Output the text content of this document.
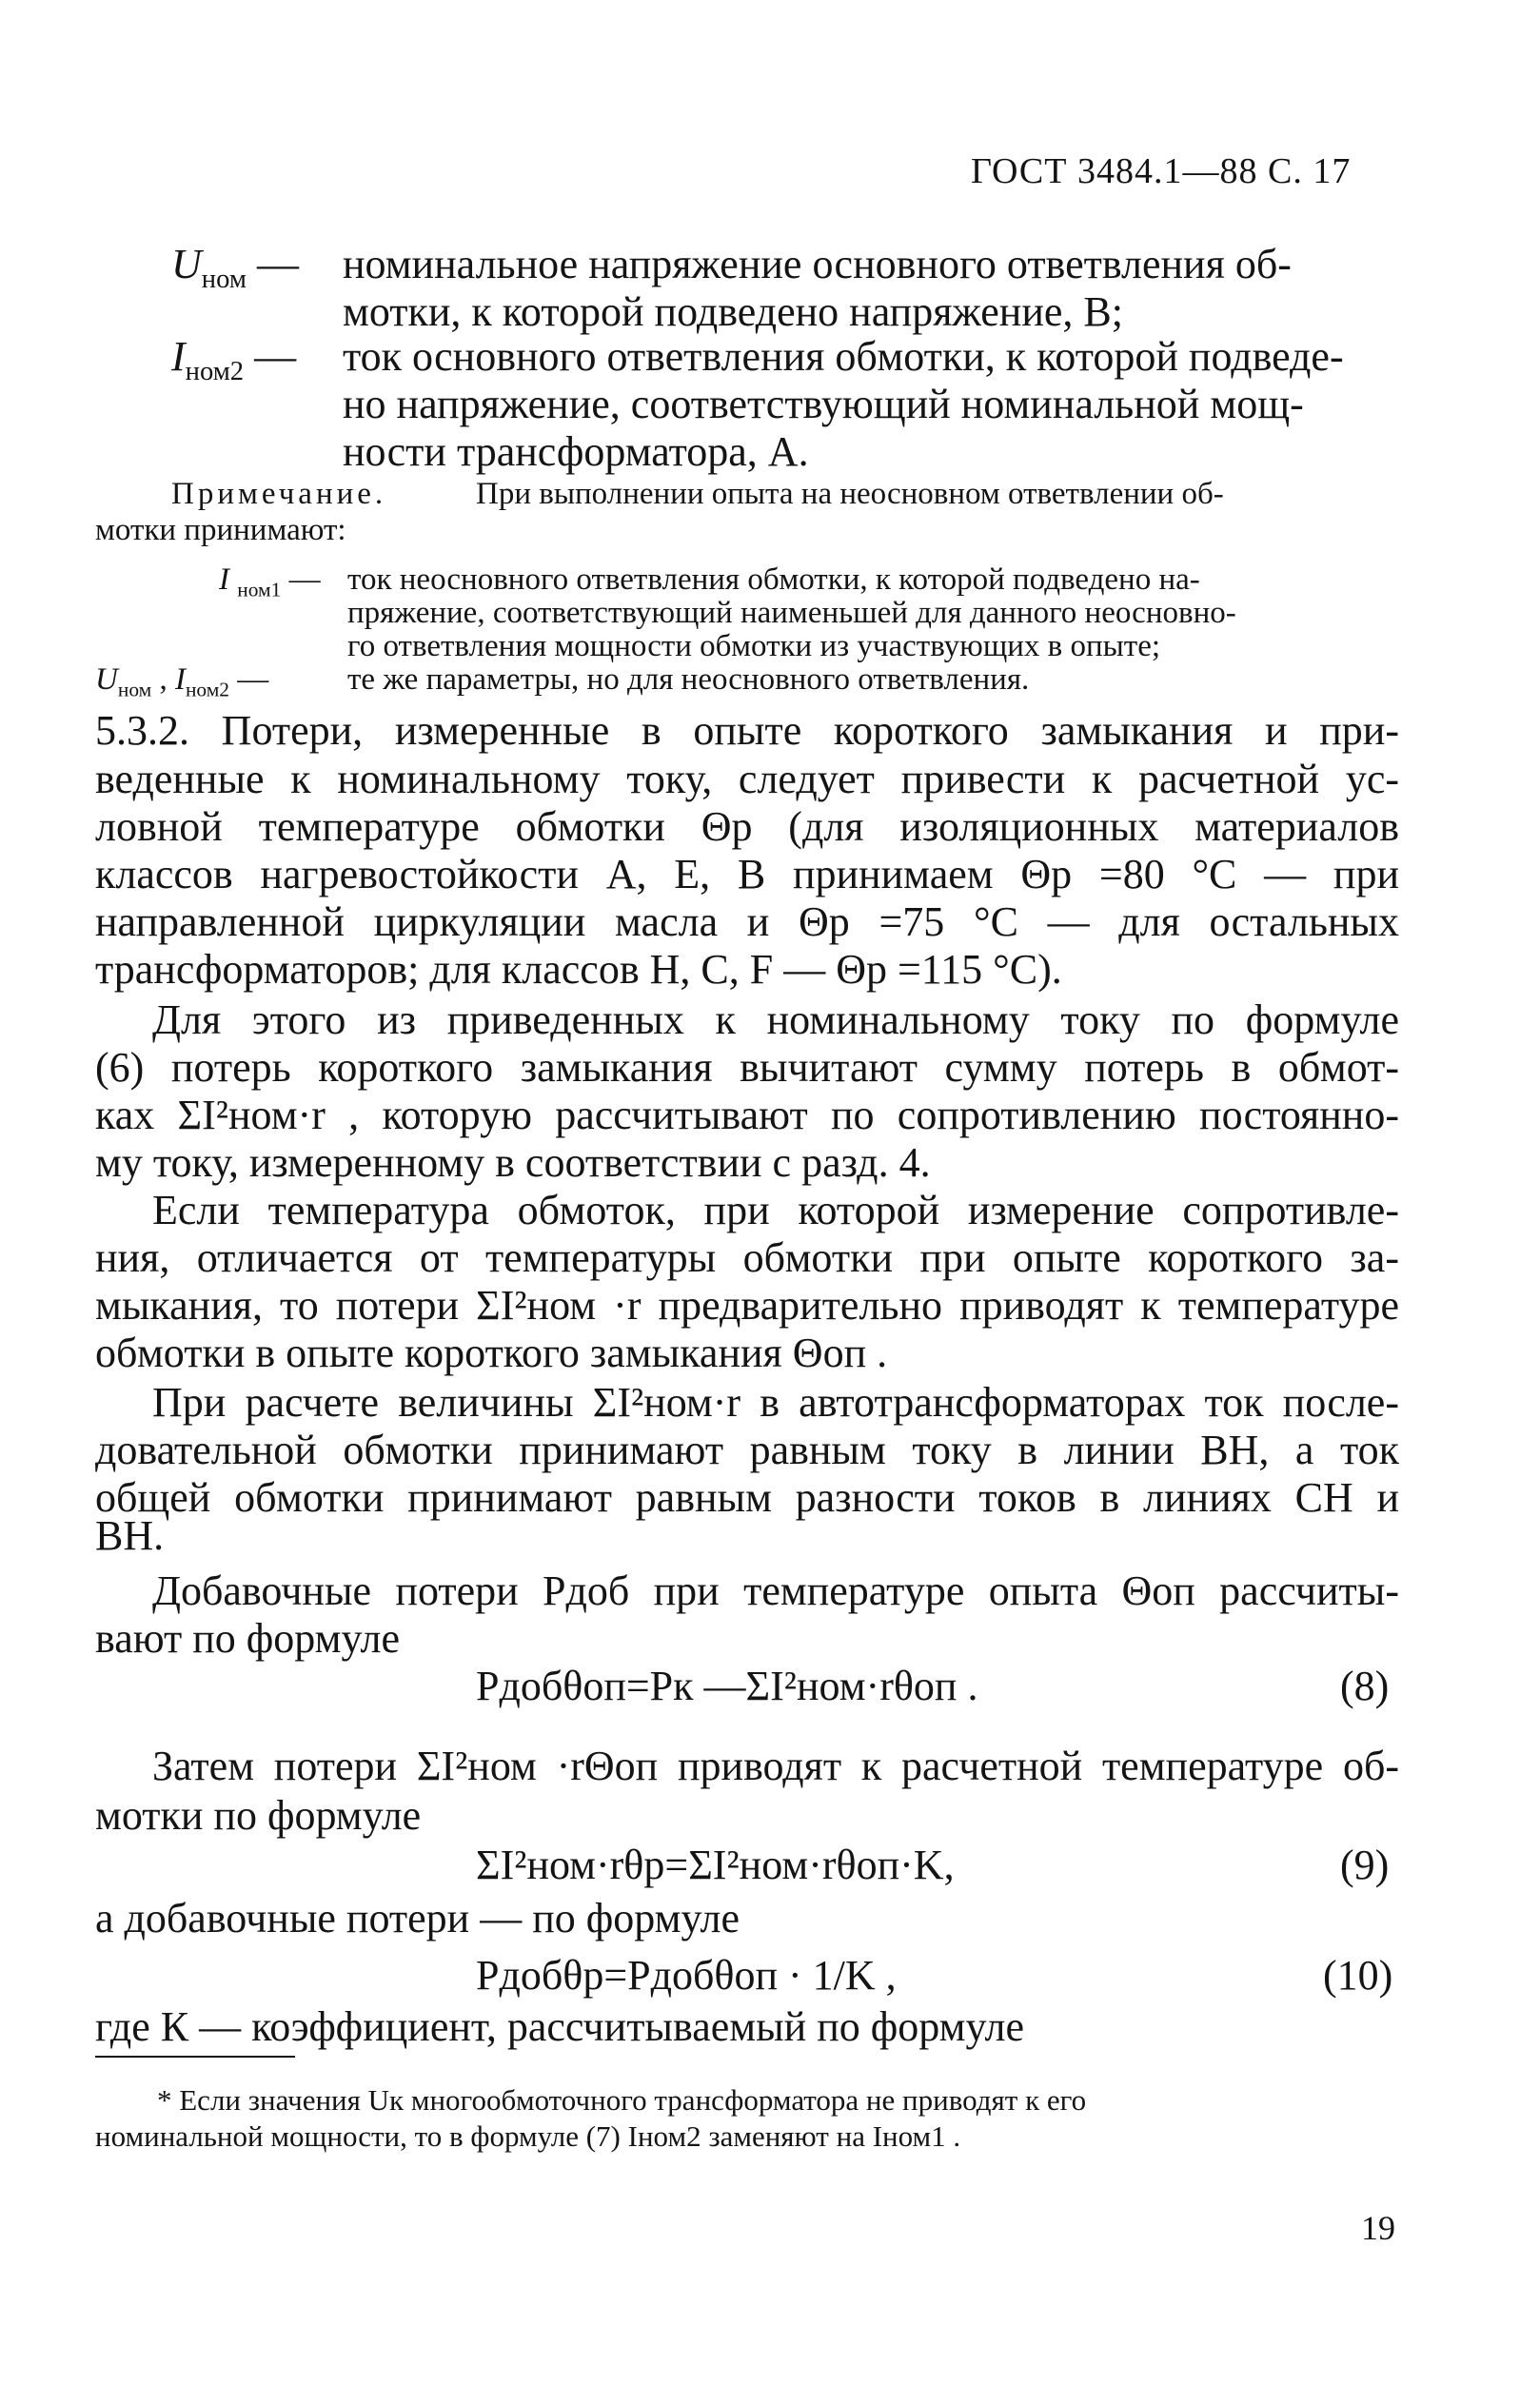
ГОСТ 3484.1—88 С. 17
$U_{ном}$ — номинальное напряжение основного ответвления об-
мотки, к которой подведено напряжение, В;
$I_{ном2}$ — ток основного ответвления обмотки, к которой подведе-
но напряжение, соответствующий номинальной мощ-
ности трансформатора, А.
Примечание.	При выполнении опыта на неосновном ответвлении об-
мотки принимают:
I $_{ном1}$ — ток неосновного ответвления обмотки, к которой подведено на-
пряжение, соответствующий наименьшей для данного неосновно-
го ответвления мощности обмотки из участвующих в опыте;
$U_{ном}$ , $I_{ном2}$ —	те же параметры, но для неосновного ответвления.
5.3.2. Потери, измеренные в опыте короткого замыкания и при-
веденные к номинальному току, следует привести к расчетной ус-
ловной температуре обмотки Θр (для изоляционных материалов
классов нагревостойкости А, Е, В принимаем Θр =80 °С — при
направленной циркуляции масла и Θр =75 °С — для остальных
трансформаторов; для классов Н, С, F — Θр =115 °С).
Для этого из приведенных к номинальному току по формуле
(6) потерь короткого замыкания вычитают сумму потерь в обмот-
ках ΣI²ном·r , которую рассчитывают по сопротивлению постоянно-
му току, измеренному в соответствии с разд. 4.
Если температура обмоток, при которой измерение сопротивле-
ния, отличается от температуры обмотки при опыте короткого за-
мыкания, то потери ΣI²ном ·r предварительно приводят к температуре
обмотки в опыте короткого замыкания Θоп .
При расчете величины ΣI²ном·r в автотрансформаторах ток после-
довательной обмотки принимают равным току в линии ВН, а ток
общей обмотки принимают равным разности токов в линиях СН и
ВН.
Добавочные потери Pдоб при температуре опыта Θоп рассчиты-
вают по формуле
Pдобθоп=Pк —ΣI²ном·rθоп .	(8)
Затем потери ΣI²ном ·rΘоп приводят к расчетной температуре об-
мотки по формуле
ΣI²ном·rθр=ΣI²ном·rθоп·K,	(9)
а добавочные потери — по формуле
Pдобθр=Pдобθоп · 1/K ,	(10)
где К — коэффициент, рассчитываемый по формуле
* Если значения Uк многообмоточного трансформатора не приводят к его
номинальной мощности, то в формуле (7) Iном2 заменяют на Iном1 .
19
